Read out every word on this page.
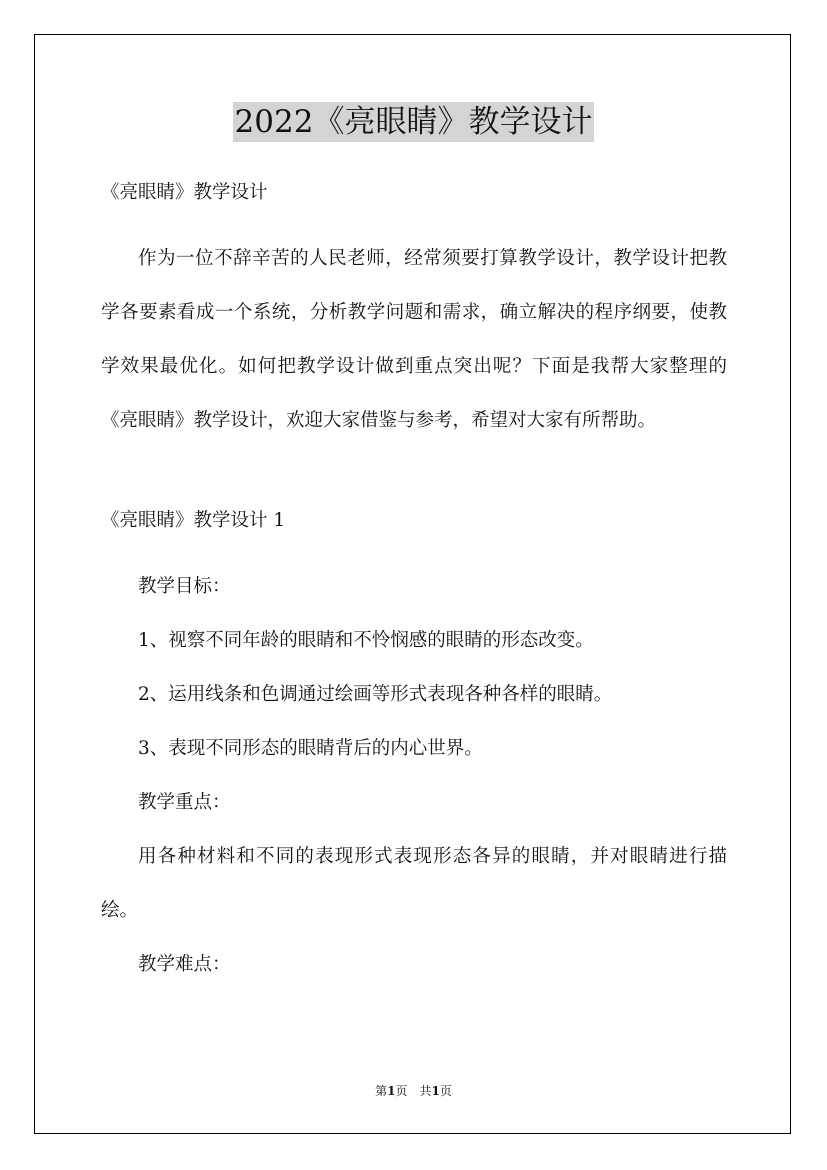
2022《亮眼睛》教学设计

《亮眼睛》教学设计

作为一位不辞辛苦的人民老师，经常须要打算教学设计，教学设计把教学各要素看成一个系统，分析教学问题和需求，确立解决的程序纲要，使教学效果最优化。如何把教学设计做到重点突出呢？下面是我帮大家整理的《亮眼睛》教学设计，欢迎大家借鉴与参考，希望对大家有所帮助。

《亮眼睛》教学设计 1

教学目标：

1、视察不同年龄的眼睛和不怜悯感的眼睛的形态改变。

2、运用线条和色调通过绘画等形式表现各种各样的眼睛。

3、表现不同形态的眼睛背后的内心世界。

教学重点：

用各种材料和不同的表现形式表现形态各异的眼睛，并对眼睛进行描绘。

教学难点：

第1页　共1页
